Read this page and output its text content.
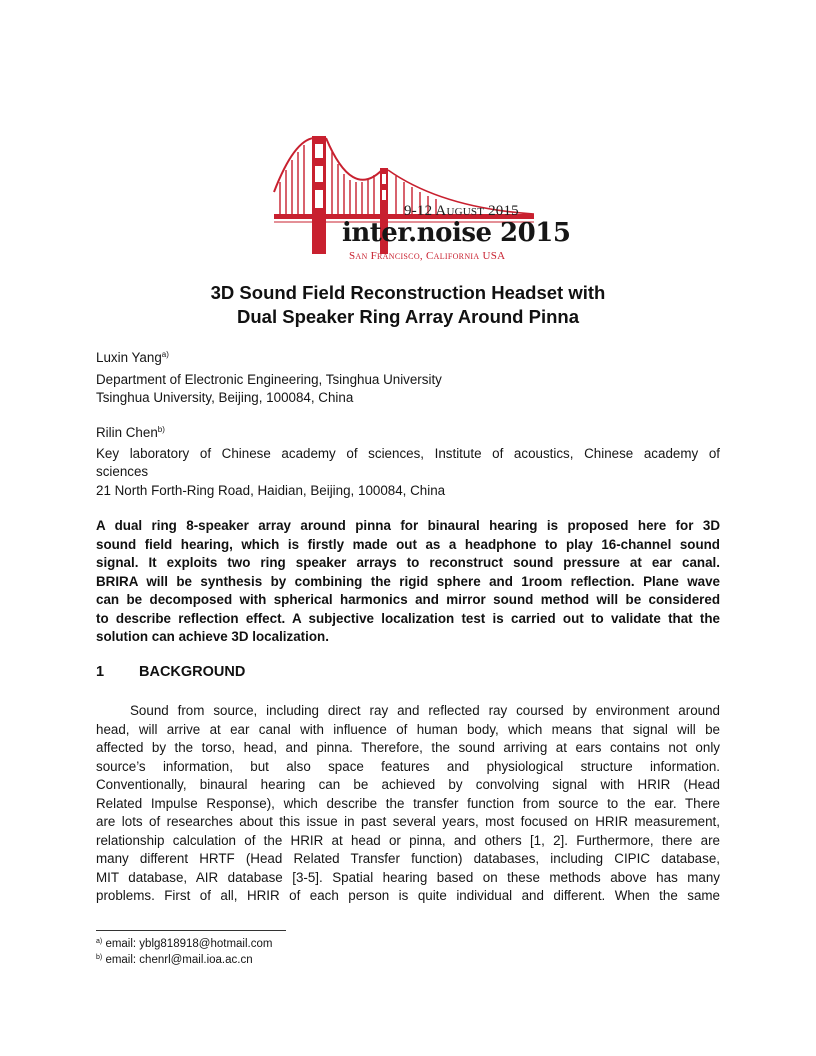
9-12 August 2015
inter.noise 2015
San Francisco, California USA
3D Sound Field Reconstruction Headset with
Dual Speaker Ring Array Around Pinna
Luxin Yang$^{a)}$
Department of Electronic Engineering, Tsinghua University
Tsinghua University, Beijing, 100084, China
Rilin Chen$^{b)}$
Key laboratory of Chinese academy of sciences, Institute of acoustics, Chinese academy of
sciences
21 North Forth-Ring Road, Haidian, Beijing, 100084, China
A dual ring 8-speaker array around pinna for binaural hearing is proposed here for 3D
sound field hearing, which is firstly made out as a headphone to play 16-channel sound
signal. It exploits two ring speaker arrays to reconstruct sound pressure at ear canal.
BRIRA will be synthesis by combining the rigid sphere and 1room reflection. Plane wave
can be decomposed with spherical harmonics and mirror sound method will be considered
to describe reflection effect. A subjective localization test is carried out to validate that the
solution can achieve 3D localization.
1 BACKGROUND
Sound from source, including direct ray and reflected ray coursed by environment around
head, will arrive at ear canal with influence of human body, which means that signal will be
affected by the torso, head, and pinna. Therefore, the sound arriving at ears contains not only
source’s information, but also space features and physiological structure information.
Conventionally, binaural hearing can be achieved by convolving signal with HRIR (Head
Related Impulse Response), which describe the transfer function from source to the ear. There
are lots of researches about this issue in past several years, most focused on HRIR measurement,
relationship calculation of the HRIR at head or pinna, and others [1, 2]. Furthermore, there are
many different HRTF (Head Related Transfer function) databases, including CIPIC database,
MIT database, AIR database [3-5]. Spatial hearing based on these methods above has many
problems. First of all, HRIR of each person is quite individual and different. When the same
$^{a)}$ email: yblg818918@hotmail.com
$^{b)}$ email: chenrl@mail.ioa.ac.cn
